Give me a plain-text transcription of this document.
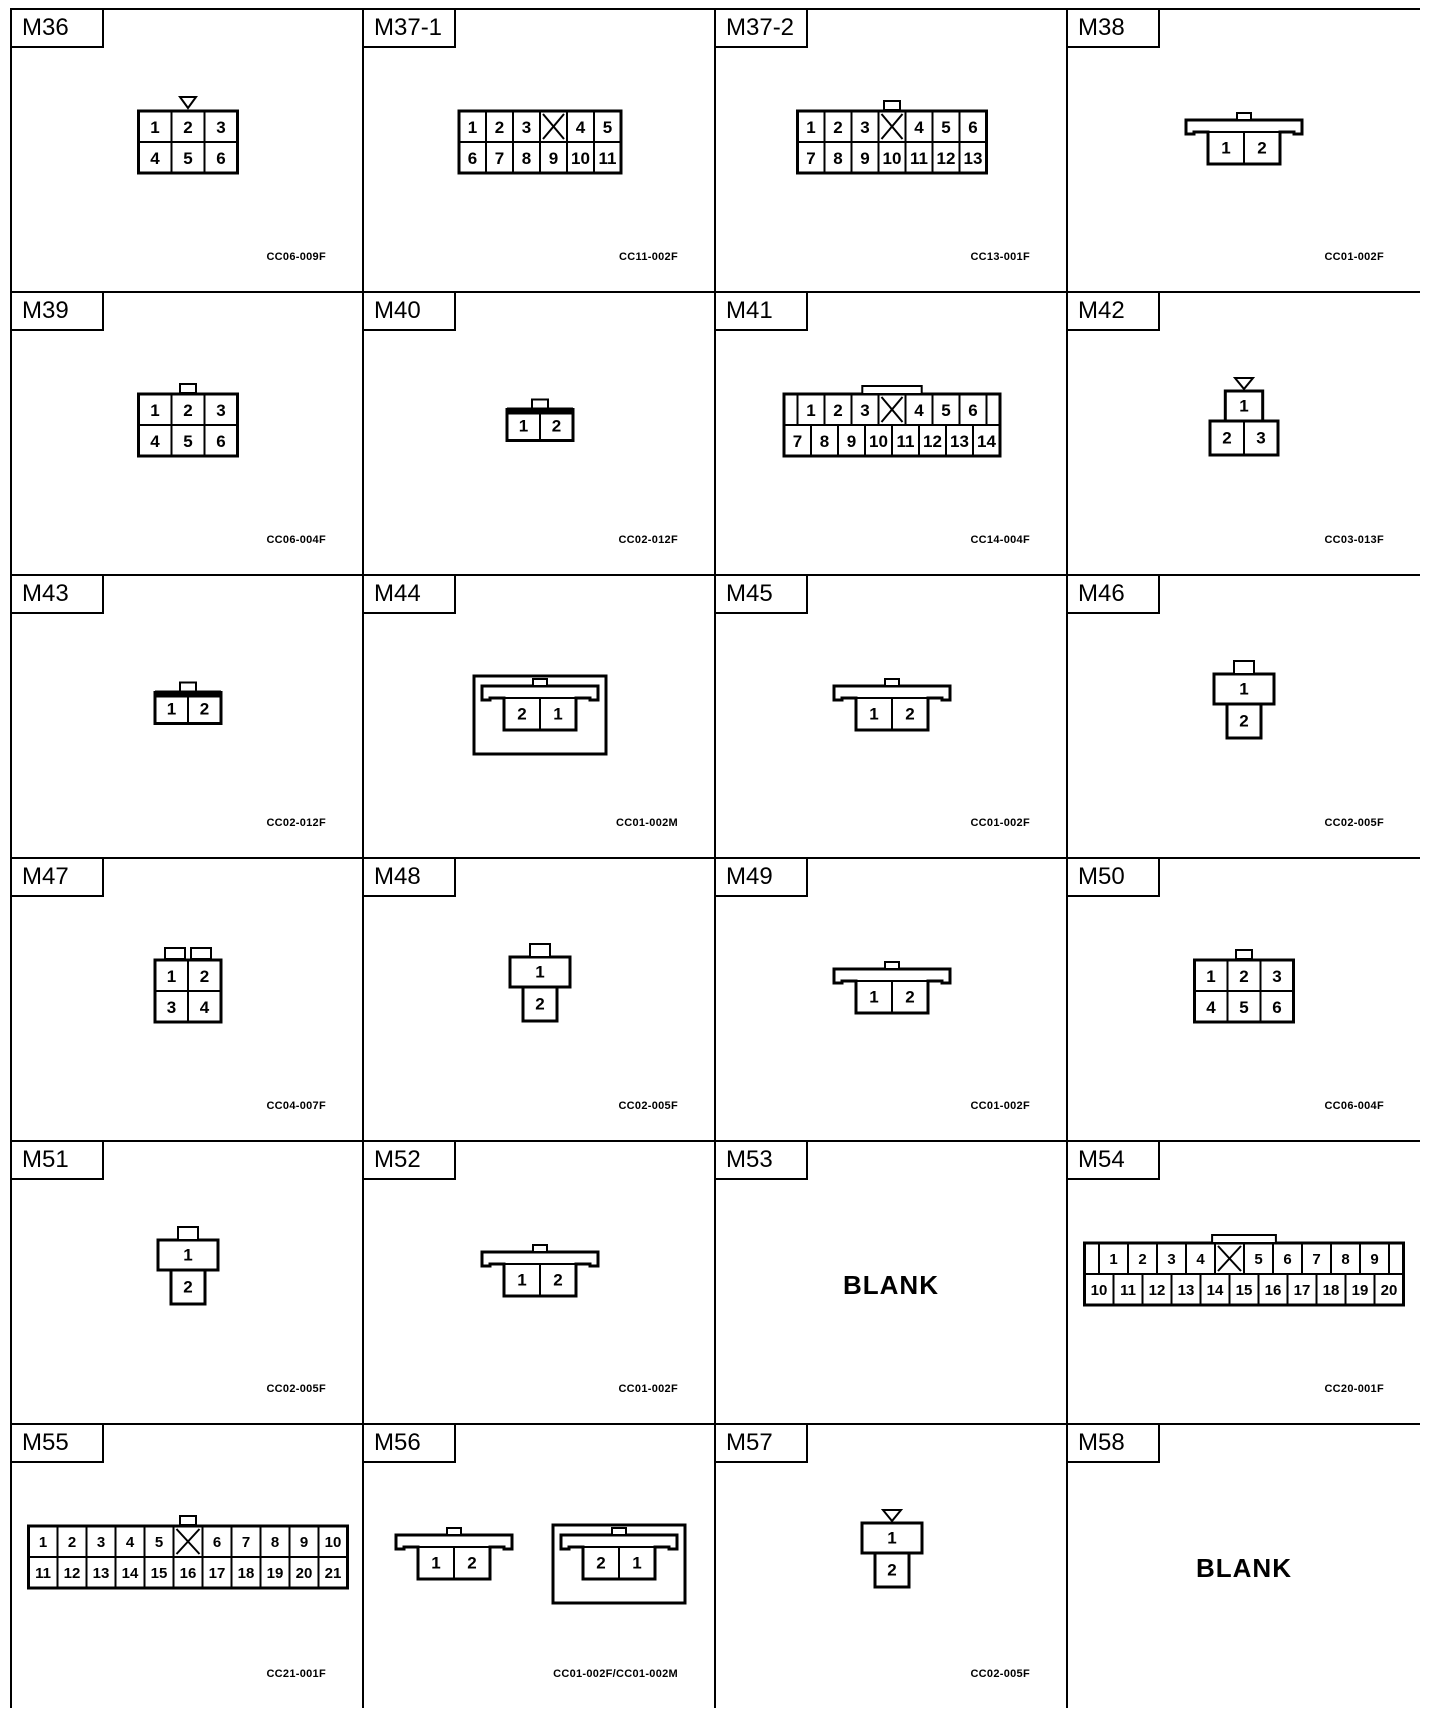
M36
1 2 3
4 5 6
CC06-009F
M37-1
1 2 3	4 5
6 7 8 9 10 11
CC11-002F
M37-2
1 2 3	4 5 6
7 8 9 10 11 12 13
CC13-001F
M38
1 2
CC01-002F
M39
1 2 3
4 5 6
CC06-004F
M40
1 2
CC02-012F
M41
1 2 3	4 5 6
7 8 9 10 11 12 13 14
CC14-004F
M42
1
2 3
CC03-013F
M43
1 2
CC02-012F
M44
2 1
CC01-002M
M45
1 2
CC01-002F
M46
1
2
CC02-005F
M47
1 2
3 4
CC04-007F
M48
1
2
CC02-005F
M49
1 2
CC01-002F
M50
1 2 3
4 5 6
CC06-004F
M51
1
2
CC02-005F
M52
1 2
CC01-002F
M53
BLANK
M54
1 2 3 4	5 6 7 8 9
10 11 12 13 14 15 16 17 18 19 20
CC20-001F
M55
1 2 3 4 5	6 7 8 9 10
11 12 13 14 15 16 17 18 19 20 21
CC21-001F
M56
1 2	2 1
CC01-002F/CC01-002M
M57
1
2
CC02-005F
M58
BLANK
